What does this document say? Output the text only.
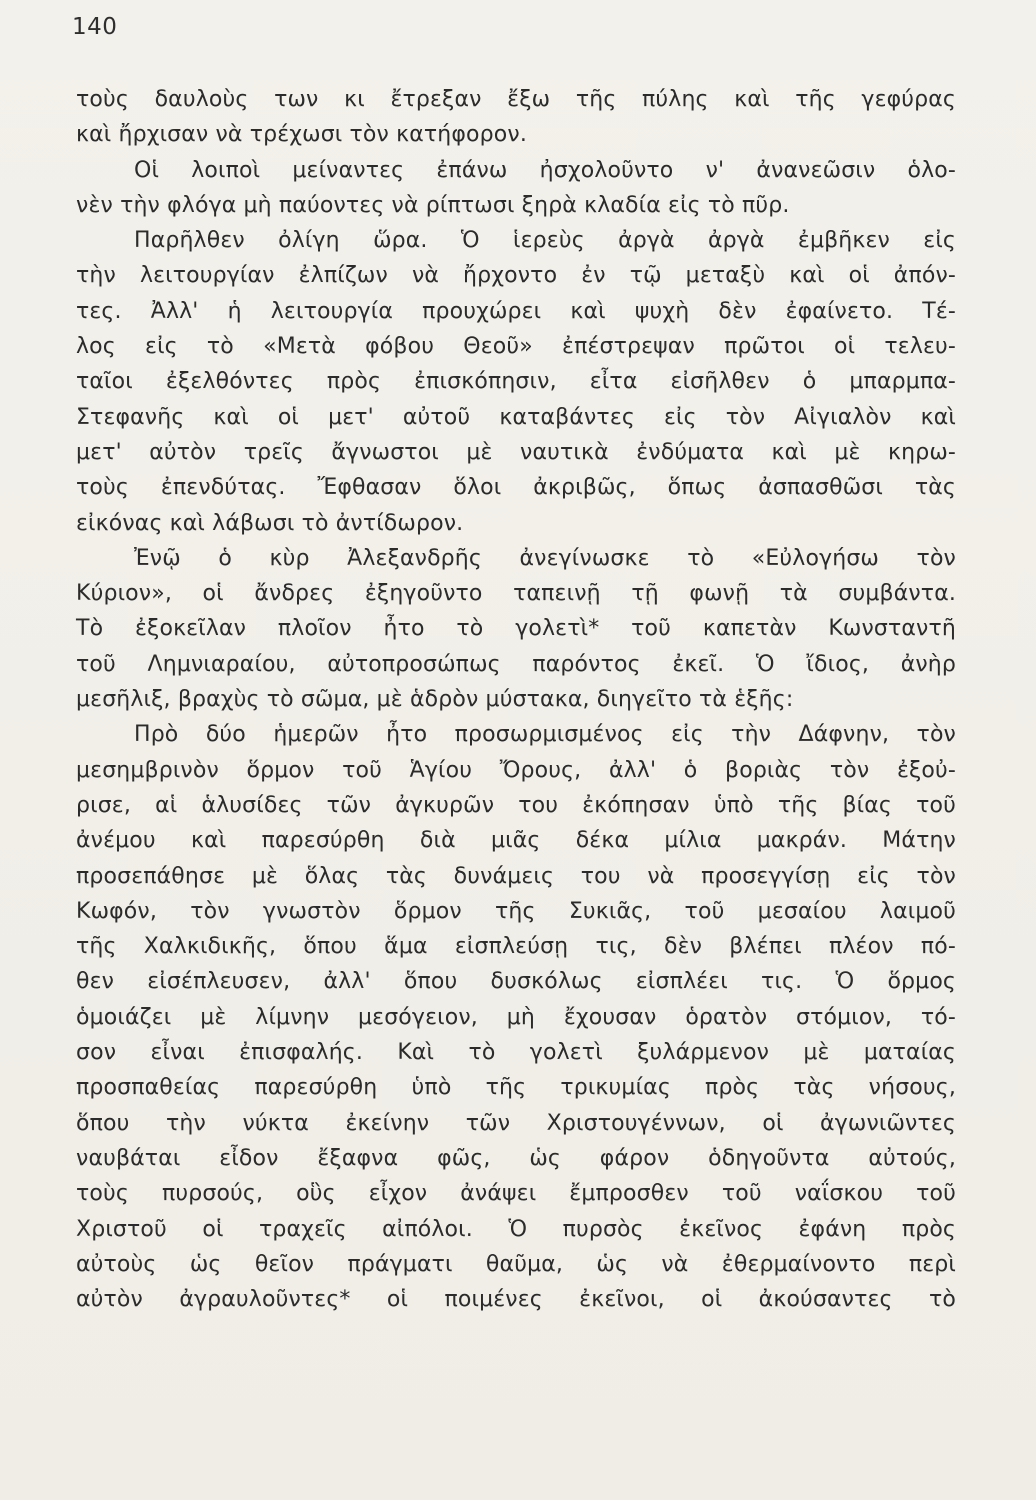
140
τοὺς δαυλοὺς των κι ἔτρεξαν ἔξω τῆς πύλης καὶ τῆς γεφύρας
καὶ ἤρχισαν νὰ τρέχωσι τὸν κατήφορον.
Οἱ λοιποὶ μείναντες ἐπάνω ἠσχολοῦντο ν' ἀνανεῶσιν ὁλο-
νὲν τὴν φλόγα μὴ παύοντες νὰ ρίπτωσι ξηρὰ κλαδία εἰς τὸ πῦρ.
Παρῆλθεν ὀλίγη ὥρα. Ὁ ἱερεὺς ἀργὰ ἀργὰ ἐμβῆκεν εἰς
τὴν λειτουργίαν ἐλπίζων νὰ ἤρχοντο ἐν τῷ μεταξὺ καὶ οἱ ἀπόν-
τες. Ἀλλ' ἡ λειτουργία προυχώρει καὶ ψυχὴ δὲν ἐφαίνετο. Τέ-
λος εἰς τὸ «Μετὰ φόβου Θεοῦ» ἐπέστρεψαν πρῶτοι οἱ τελευ-
ταῖοι ἐξελθόντες πρὸς ἐπισκόπησιν, εἶτα εἰσῆλθεν ὁ μπαρμπα-
Στεφανῆς καὶ οἱ μετ' αὐτοῦ καταβάντες εἰς τὸν Αἰγιαλὸν καὶ
μετ' αὐτὸν τρεῖς ἄγνωστοι μὲ ναυτικὰ ἐνδύματα καὶ μὲ κηρω-
τοὺς ἐπενδύτας. Ἔφθασαν ὅλοι ἀκριβῶς, ὅπως ἀσπασθῶσι τὰς
εἰκόνας καὶ λάβωσι τὸ ἀντίδωρον.
Ἐνῷ ὁ κὺρ Ἀλεξανδρῆς ἀνεγίνωσκε τὸ «Εὐλογήσω τὸν
Κύριον», οἱ ἄνδρες ἐξηγοῦντο ταπεινῇ τῇ φωνῇ τὰ συμβάντα.
Τὸ ἐξοκεῖλαν πλοῖον ἦτο τὸ γολετὶ* τοῦ καπετὰν Κωνσταντῆ
τοῦ Λημνιαραίου, αὐτοπροσώπως παρόντος ἐκεῖ. Ὁ ἴδιος, ἀνὴρ
μεσῆλιξ, βραχὺς τὸ σῶμα, μὲ ἁδρὸν μύστακα, διηγεῖτο τὰ ἑξῆς:
Πρὸ δύο ἡμερῶν ἦτο προσωρμισμένος εἰς τὴν Δάφνην, τὸν
μεσημβρινὸν ὅρμον τοῦ Ἁγίου Ὄρους, ἀλλ' ὁ βοριὰς τὸν ἐξοὐ-
ρισε, αἱ ἁλυσίδες τῶν ἀγκυρῶν του ἐκόπησαν ὑπὸ τῆς βίας τοῦ
ἀνέμου καὶ παρεσύρθη διὰ μιᾶς δέκα μίλια μακράν. Μάτην
προσεπάθησε μὲ ὅλας τὰς δυνάμεις του νὰ προσεγγίσῃ εἰς τὸν
Κωφόν, τὸν γνωστὸν ὅρμον τῆς Συκιᾶς, τοῦ μεσαίου λαιμοῦ
τῆς Χαλκιδικῆς, ὅπου ἅμα εἰσπλεύσῃ τις, δὲν βλέπει πλέον πό-
θεν εἰσέπλευσεν, ἀλλ' ὅπου δυσκόλως εἰσπλέει τις. Ὁ ὅρμος
ὁμοιάζει μὲ λίμνην μεσόγειον, μὴ ἔχουσαν ὁρατὸν στόμιον, τό-
σον εἶναι ἐπισφαλής. Καὶ τὸ γολετὶ ξυλάρμενον μὲ ματαίας
προσπαθείας παρεσύρθη ὑπὸ τῆς τρικυμίας πρὸς τὰς νήσους,
ὅπου τὴν νύκτα ἐκείνην τῶν Χριστουγέννων, οἱ ἀγωνιῶντες
ναυβάται εἶδον ἔξαφνα φῶς, ὡς φάρον ὁδηγοῦντα αὐτούς,
τοὺς πυρσούς, οὓς εἶχον ἀνάψει ἔμπροσθεν τοῦ ναΐσκου τοῦ
Χριστοῦ οἱ τραχεῖς αἰπόλοι. Ὁ πυρσὸς ἐκεῖνος ἐφάνη πρὸς
αὐτοὺς ὡς θεῖον πράγματι θαῦμα, ὡς νὰ ἐθερμαίνοντο περὶ
αὐτὸν ἀγραυλοῦντες* οἱ ποιμένες ἐκεῖνοι, οἱ ἀκούσαντες τὸ
